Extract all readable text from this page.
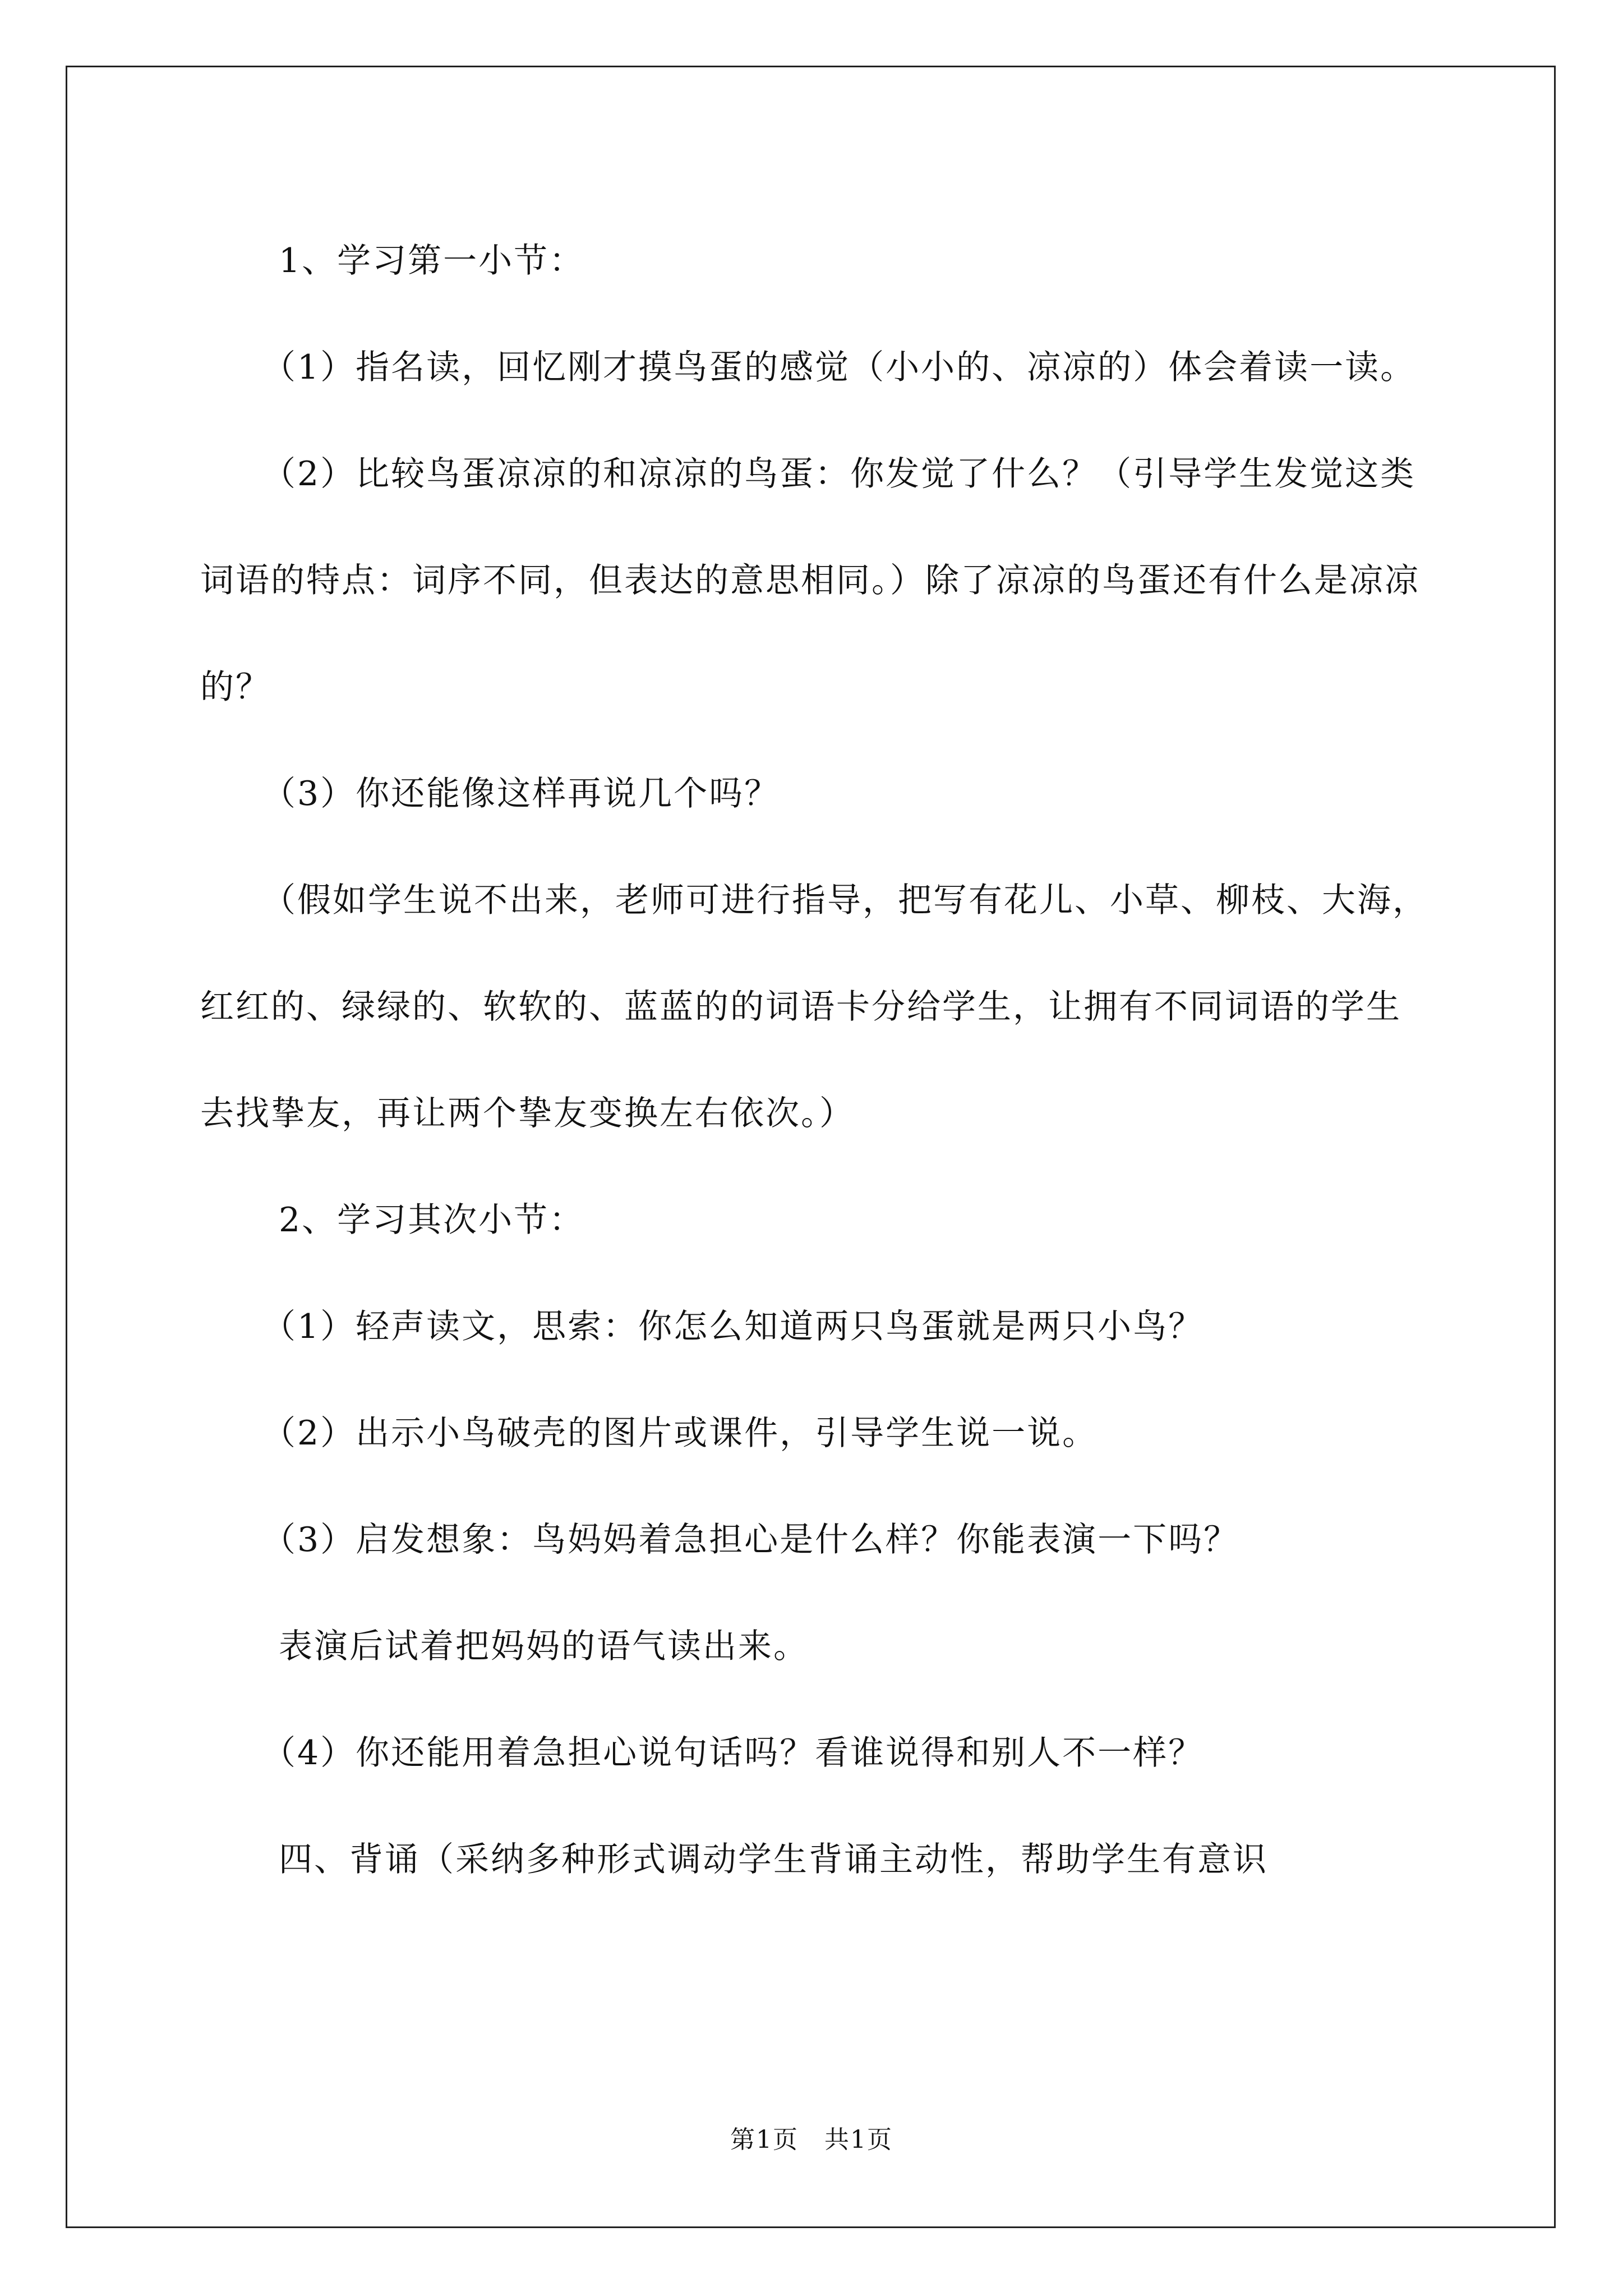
1、学习第一小节：

（1）指名读，回忆刚才摸鸟蛋的感觉（小小的、凉凉的）体会着读一读。

（2）比较鸟蛋凉凉的和凉凉的鸟蛋：你发觉了什么？（引导学生发觉这类词语的特点：词序不同，但表达的意思相同。）除了凉凉的鸟蛋还有什么是凉凉的？

（3）你还能像这样再说几个吗？

（假如学生说不出来，老师可进行指导，把写有花儿、小草、柳枝、大海，红红的、绿绿的、软软的、蓝蓝的的词语卡分给学生，让拥有不同词语的学生去找挚友，再让两个挚友变换左右依次。）

2、学习其次小节：

（1）轻声读文，思索：你怎么知道两只鸟蛋就是两只小鸟？

（2）出示小鸟破壳的图片或课件，引导学生说一说。

（3）启发想象：鸟妈妈着急担心是什么样？你能表演一下吗？

表演后试着把妈妈的语气读出来。

（4）你还能用着急担心说句话吗？看谁说得和别人不一样？

四、背诵（采纳多种形式调动学生背诵主动性，帮助学生有意识

第1页　共1页
